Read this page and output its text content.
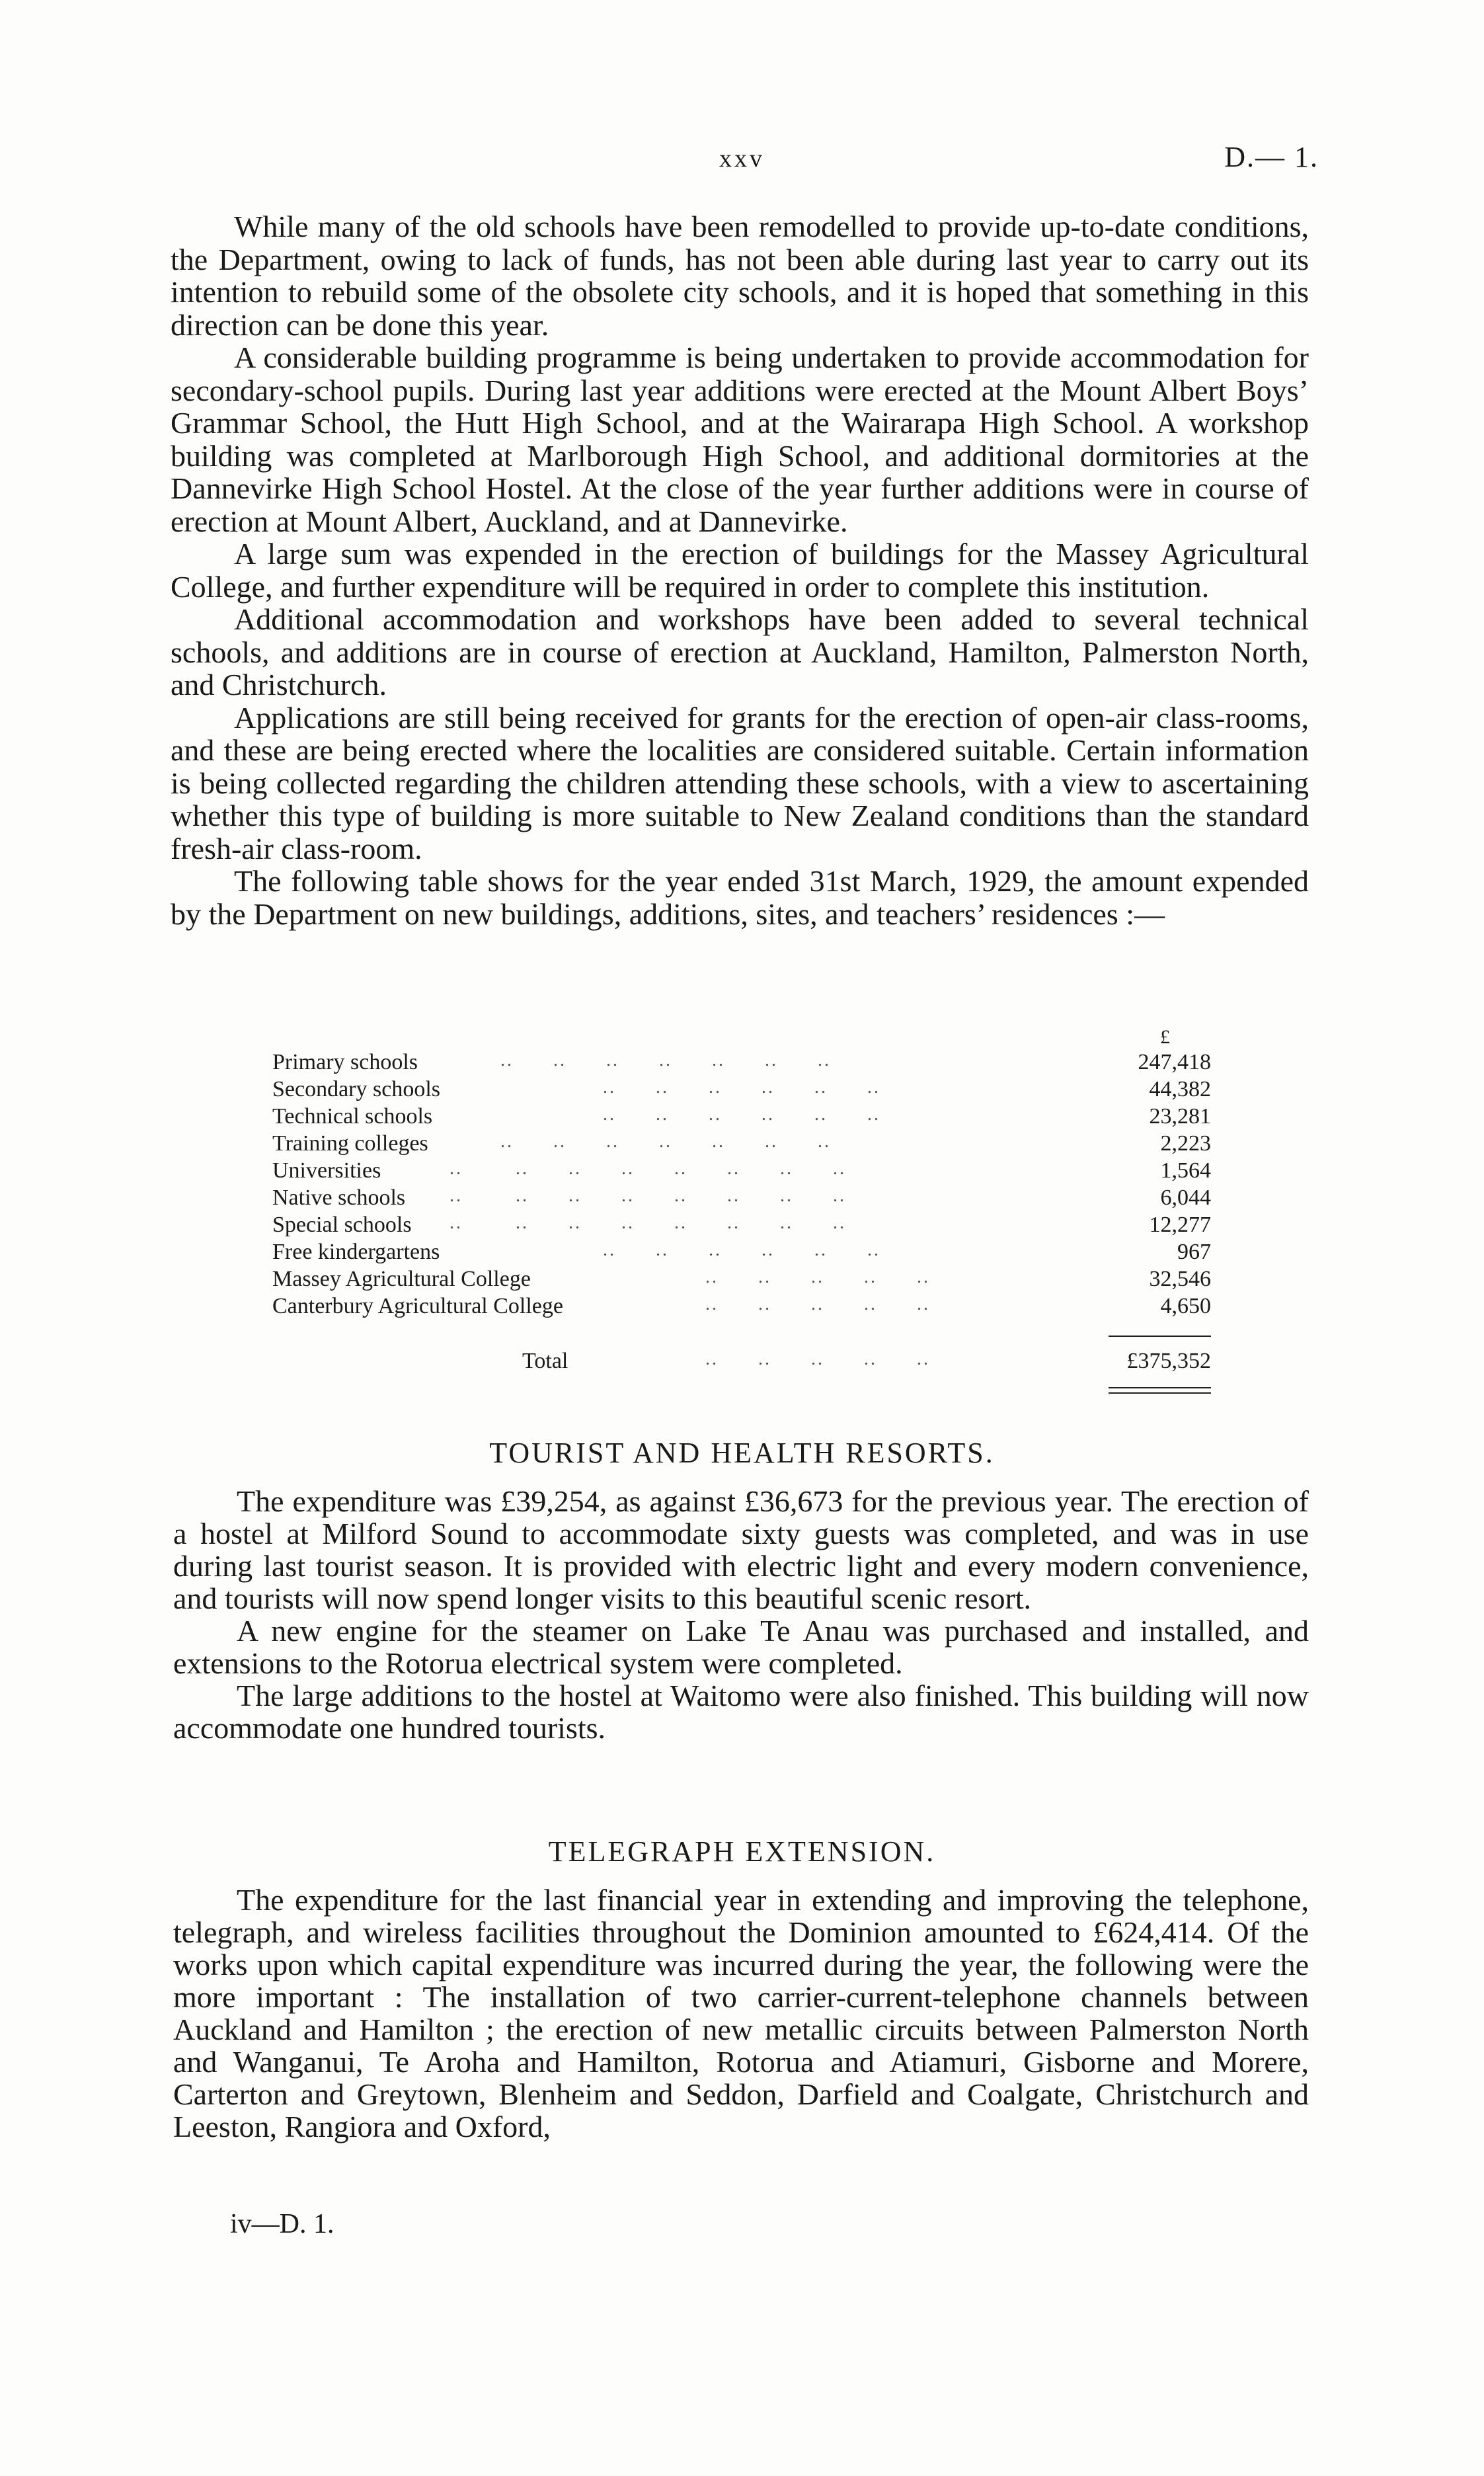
xxv	D.— 1.

While many of the old schools have been remodelled to provide up-to-date conditions, the Department, owing to lack of funds, has not been able during last year to carry out its intention to rebuild some of the obsolete city schools, and it is hoped that something in this direction can be done this year.

A considerable building programme is being undertaken to provide accommodation for secondary-school pupils. During last year additions were erected at the Mount Albert Boys’ Grammar School, the Hutt High School, and at the Wairarapa High School. A workshop building was completed at Marlborough High School, and additional dormitories at the Dannevirke High School Hostel. At the close of the year further additions were in course of erection at Mount Albert, Auckland, and at Dannevirke.

A large sum was expended in the erection of buildings for the Massey Agricultural College, and further expenditure will be required in order to complete this institution.

Additional accommodation and workshops have been added to several technical schools, and additions are in course of erection at Auckland, Hamilton, Palmerston North, and Christchurch.

Applications are still being received for grants for the erection of open-air class-rooms, and these are being erected where the localities are considered suitable. Certain information is being collected regarding the children attending these schools, with a view to ascertaining whether this type of building is more suitable to New Zealand conditions than the standard fresh-air class-room.

The following table shows for the year ended 31st March, 1929, the amount expended by the Department on new buildings, additions, sites, and teachers’ residences :—

£
Primary schools	..      ..      ..      ..      ..      ..      ..	247,418
Secondary schools	..      ..      ..      ..      ..      ..	44,382
Technical schools	..      ..      ..      ..      ..      ..	23,281
Training colleges	..      ..      ..      ..      ..      ..      ..	2,223
Universities	..        ..      ..      ..      ..      ..      ..      ..	1,564
Native schools ..        ..      ..      ..      ..      ..      ..      ..	6,044
Special schools ..        ..      ..      ..      ..      ..      ..      ..	12,277
Free kindergartens	..      ..      ..      ..      ..      ..	967
Massey Agricultural College	..      ..      ..      ..      ..	32,546
Canterbury Agricultural College	..      ..      ..      ..      ..	4,650
Total	..      ..      ..      ..      ..	£375,352
TOURIST AND HEALTH RESORTS.

The expenditure was £39,254, as against £36,673 for the previous year. The erection of a hostel at Milford Sound to accommodate sixty guests was completed, and was in use during last tourist season. It is provided with electric light and every modern convenience, and tourists will now spend longer visits to this beautiful scenic resort.

A new engine for the steamer on Lake Te Anau was purchased and installed, and extensions to the Rotorua electrical system were completed.

The large additions to the hostel at Waitomo were also finished. This building will now accommodate one hundred tourists.

TELEGRAPH EXTENSION.

The expenditure for the last financial year in extending and improving the telephone, telegraph, and wireless facilities throughout the Dominion amounted to £624,414. Of the works upon which capital expenditure was incurred during the year, the following were the more important : The installation of two carrier-current-telephone channels between Auckland and Hamilton ; the erection of new metallic circuits between Palmerston North and Wanganui, Te Aroha and Hamilton, Rotorua and Atiamuri, Gisborne and Morere, Carterton and Greytown, Blenheim and Seddon, Darfield and Coalgate, Christchurch and Leeston, Rangiora and Oxford,

iv—D. 1.
